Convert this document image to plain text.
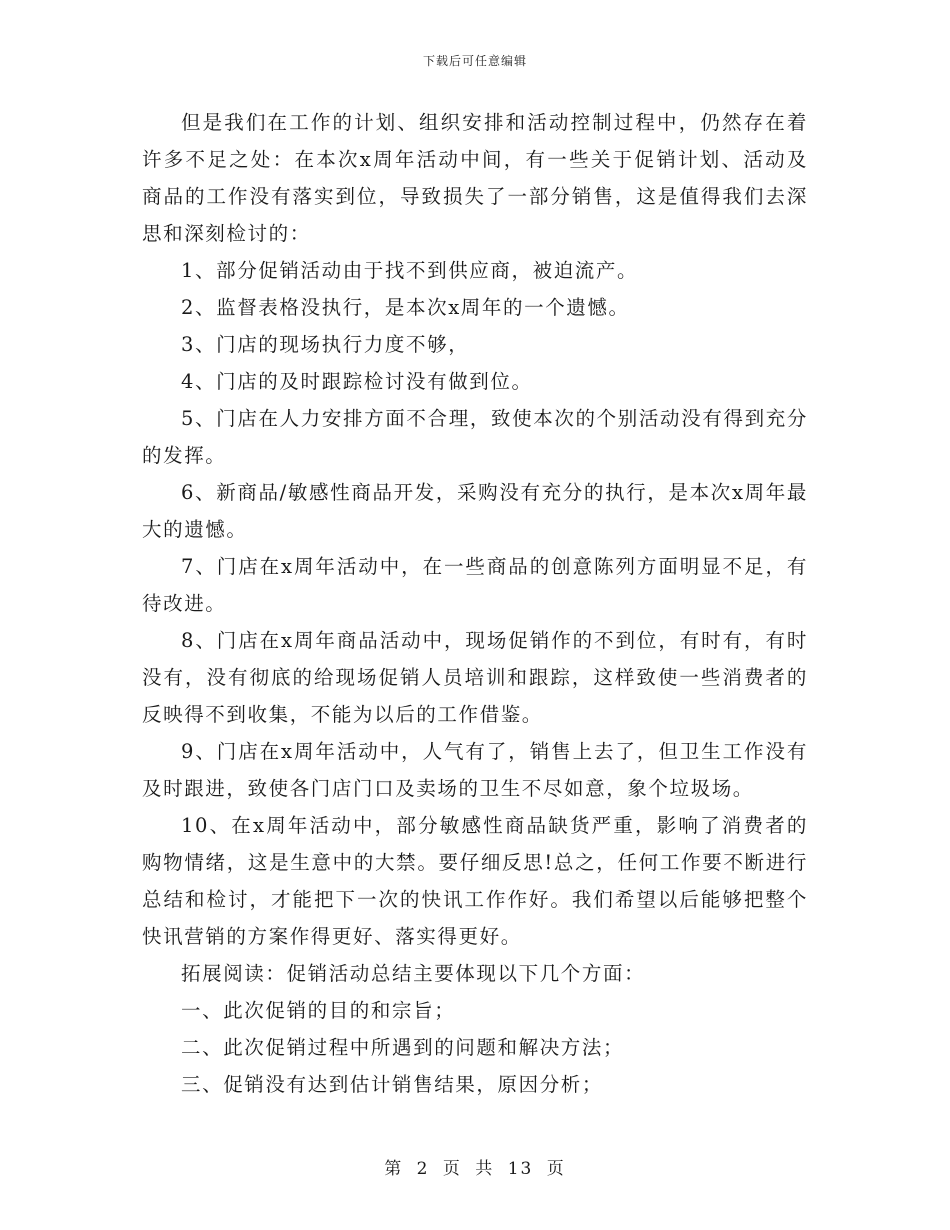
下载后可任意编辑

但是我们在工作的计划、组织安排和活动控制过程中，仍然存在着许多不足之处：在本次x周年活动中间，有一些关于促销计划、活动及商品的工作没有落实到位，导致损失了一部分销售，这是值得我们去深思和深刻检讨的：

1、部分促销活动由于找不到供应商，被迫流产。

2、监督表格没执行，是本次x周年的一个遗憾。

3、门店的现场执行力度不够，

4、门店的及时跟踪检讨没有做到位。

5、门店在人力安排方面不合理，致使本次的个别活动没有得到充分的发挥。

6、新商品/敏感性商品开发，采购没有充分的执行，是本次x周年最大的遗憾。

7、门店在x周年活动中，在一些商品的创意陈列方面明显不足，有待改进。

8、门店在x周年商品活动中，现场促销作的不到位，有时有，有时没有，没有彻底的给现场促销人员培训和跟踪，这样致使一些消费者的反映得不到收集，不能为以后的工作借鉴。

9、门店在x周年活动中，人气有了，销售上去了，但卫生工作没有及时跟进，致使各门店门口及卖场的卫生不尽如意，象个垃圾场。

10、在x周年活动中，部分敏感性商品缺货严重，影响了消费者的购物情绪，这是生意中的大禁。要仔细反思!总之，任何工作要不断进行总结和检讨，才能把下一次的快讯工作作好。我们希望以后能够把整个快讯营销的方案作得更好、落实得更好。

拓展阅读：促销活动总结主要体现以下几个方面：

一、此次促销的目的和宗旨；

二、此次促销过程中所遇到的问题和解决方法；

三、促销没有达到估计销售结果，原因分析；

第 2 页 共 13 页
